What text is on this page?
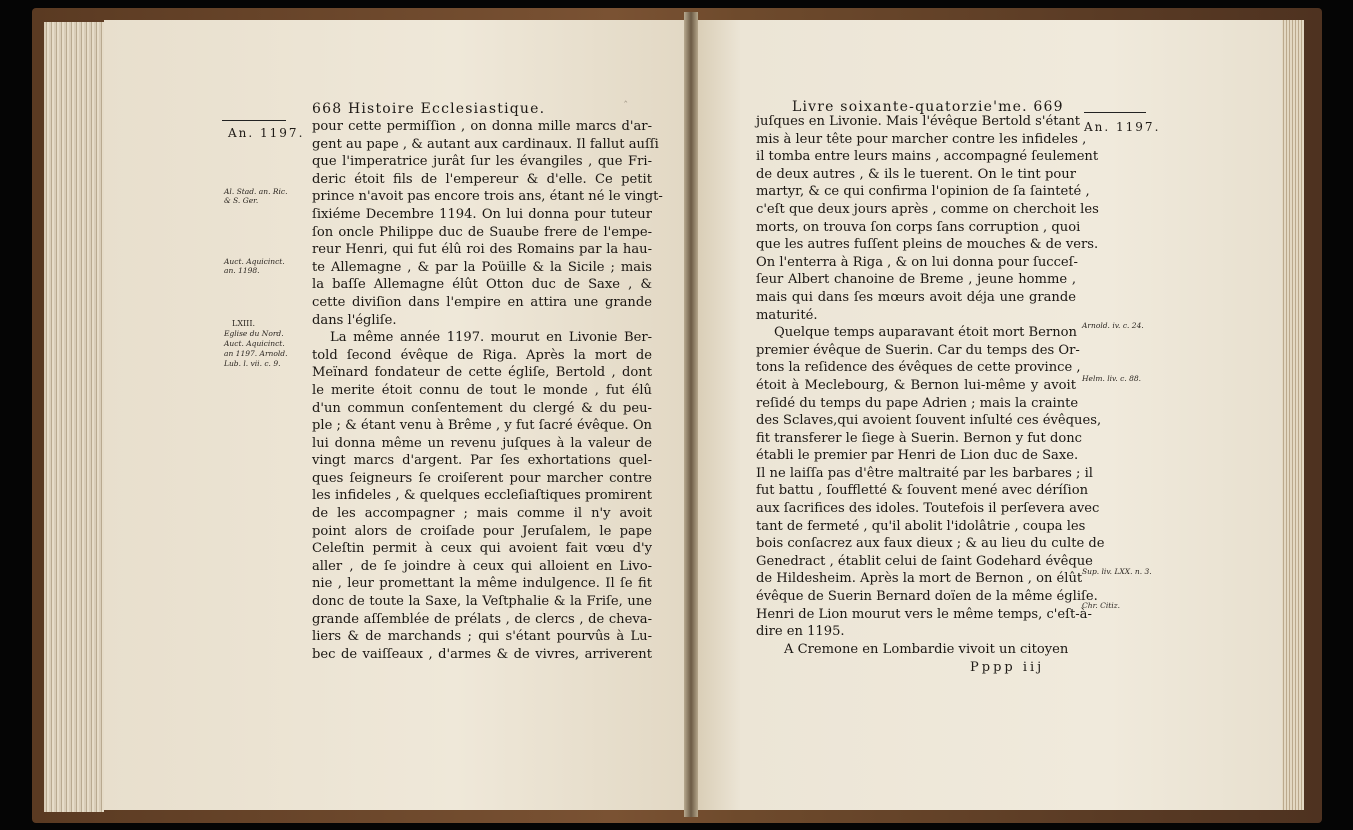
668 Histoire Ecclesiastique.
‸
An. 1197.
Al. Stad. an. Ric.
& S. Ger.
Auct. Aquicinct.
an. 1198.
LXIII.
Eglise du Nord.
Auct. Aquicinct.
an 1197. Arnold.
Lub. l. vii. c. 9.
pour cette permiſſion , on donna mille marcs d'ar-
gent au pape , & autant aux cardinaux. Il fallut auſſi
que l'imperatrice jurât ſur les évangiles , que Fri-
deric étoit fils de l'empereur & d'elle. Ce petit
prince n'avoit pas encore trois ans, étant né le vingt-
ſixiéme Decembre 1194. On lui donna pour tuteur
ſon oncle Philippe duc de Suaube frere de l'empe-
reur Henri, qui fut élû roi des Romains par la hau-
te Allemagne , & par la Poüille & la Sicile ; mais
la baſſe Allemagne élût Otton duc de Saxe , &
cette diviſion dans l'empire en attira une grande
dans l'égliſe.
La même année 1197. mourut en Livonie Ber-
told ſecond évêque de Riga. Après la mort de
Meïnard fondateur de cette égliſe, Bertold , dont
le merite étoit connu de tout le monde , fut élû
d'un commun conſentement du clergé & du peu-
ple ; & étant venu à Brême , y fut ſacré évêque. On
lui donna même un revenu juſques à la valeur de
vingt marcs d'argent. Par ſes exhortations quel-
ques ſeigneurs ſe croiſerent pour marcher contre
les infideles , & quelques eccleſiaſtiques promirent
de les accompagner ; mais comme il n'y avoit
point alors de croiſade pour Jeruſalem, le pape
Celeſtin permit à ceux qui avoient fait vœu d'y
aller , de ſe joindre à ceux qui alloient en Livo-
nie , leur promettant la même indulgence. Il ſe fit
donc de toute la Saxe, la Veſtphalie & la Friſe, une
grande aſſemblée de prélats , de clercs , de cheva-
liers & de marchands ; qui s'étant pourvûs à Lu-
bec de vaiſſeaux , d'armes & de vivres, arriverent
Livre soixante-quatorzie'me. 669
An. 1197.
Arnold. iv. c. 24.
Helm. liv. c. 88.
Sup. liv. LXX. n. 3.
Chr. Citiz.
juſques en Livonie. Mais l'évêque Bertold s'étant
mis à leur tête pour marcher contre les infideles ,
il tomba entre leurs mains , accompagné ſeulement
de deux autres , & ils le tuerent. On le tint pour
martyr, & ce qui confirma l'opinion de ſa ſainteté ,
c'eſt que deux jours après , comme on cherchoit les
morts, on trouva ſon corps ſans corruption , quoi
que les autres fuſſent pleins de mouches & de vers.
On l'enterra à Riga , & on lui donna pour ſucceſ-
ſeur Albert chanoine de Breme , jeune homme ,
mais qui dans ſes mœurs avoit déja une grande
maturité.
Quelque temps auparavant étoit mort Bernon
premier évêque de Suerin. Car du temps des Or-
tons la reſidence des évêques de cette province ,
étoit à Meclebourg, & Bernon lui-même y avoit
reſidé du temps du pape Adrien ; mais la crainte
des Sclaves,qui avoient ſouvent inſulté ces évêques,
fit transferer le ſiege à Suerin. Bernon y fut donc
établi le premier par Henri de Lion duc de Saxe.
Il ne laiſſa pas d'être maltraité par les barbares ; il
fut battu , ſouffletté & ſouvent mené avec déríſion
aux ſacrifices des idoles. Toutefois il perſevera avec
tant de fermeté , qu'il abolit l'idolâtrie , coupa les
bois conſacrez aux faux dieux ; & au lieu du culte de
Genedract , établit celui de ſaint Godehard évêque
de Hildesheim. Après la mort de Bernon , on élût
évêque de Suerin Bernard doïen de la même égliſe.
Henri de Lion mourut vers le même temps, c'eſt-à-
dire en 1195.
A Cremone en Lombardie vivoit un citoyen
Pppp iij
